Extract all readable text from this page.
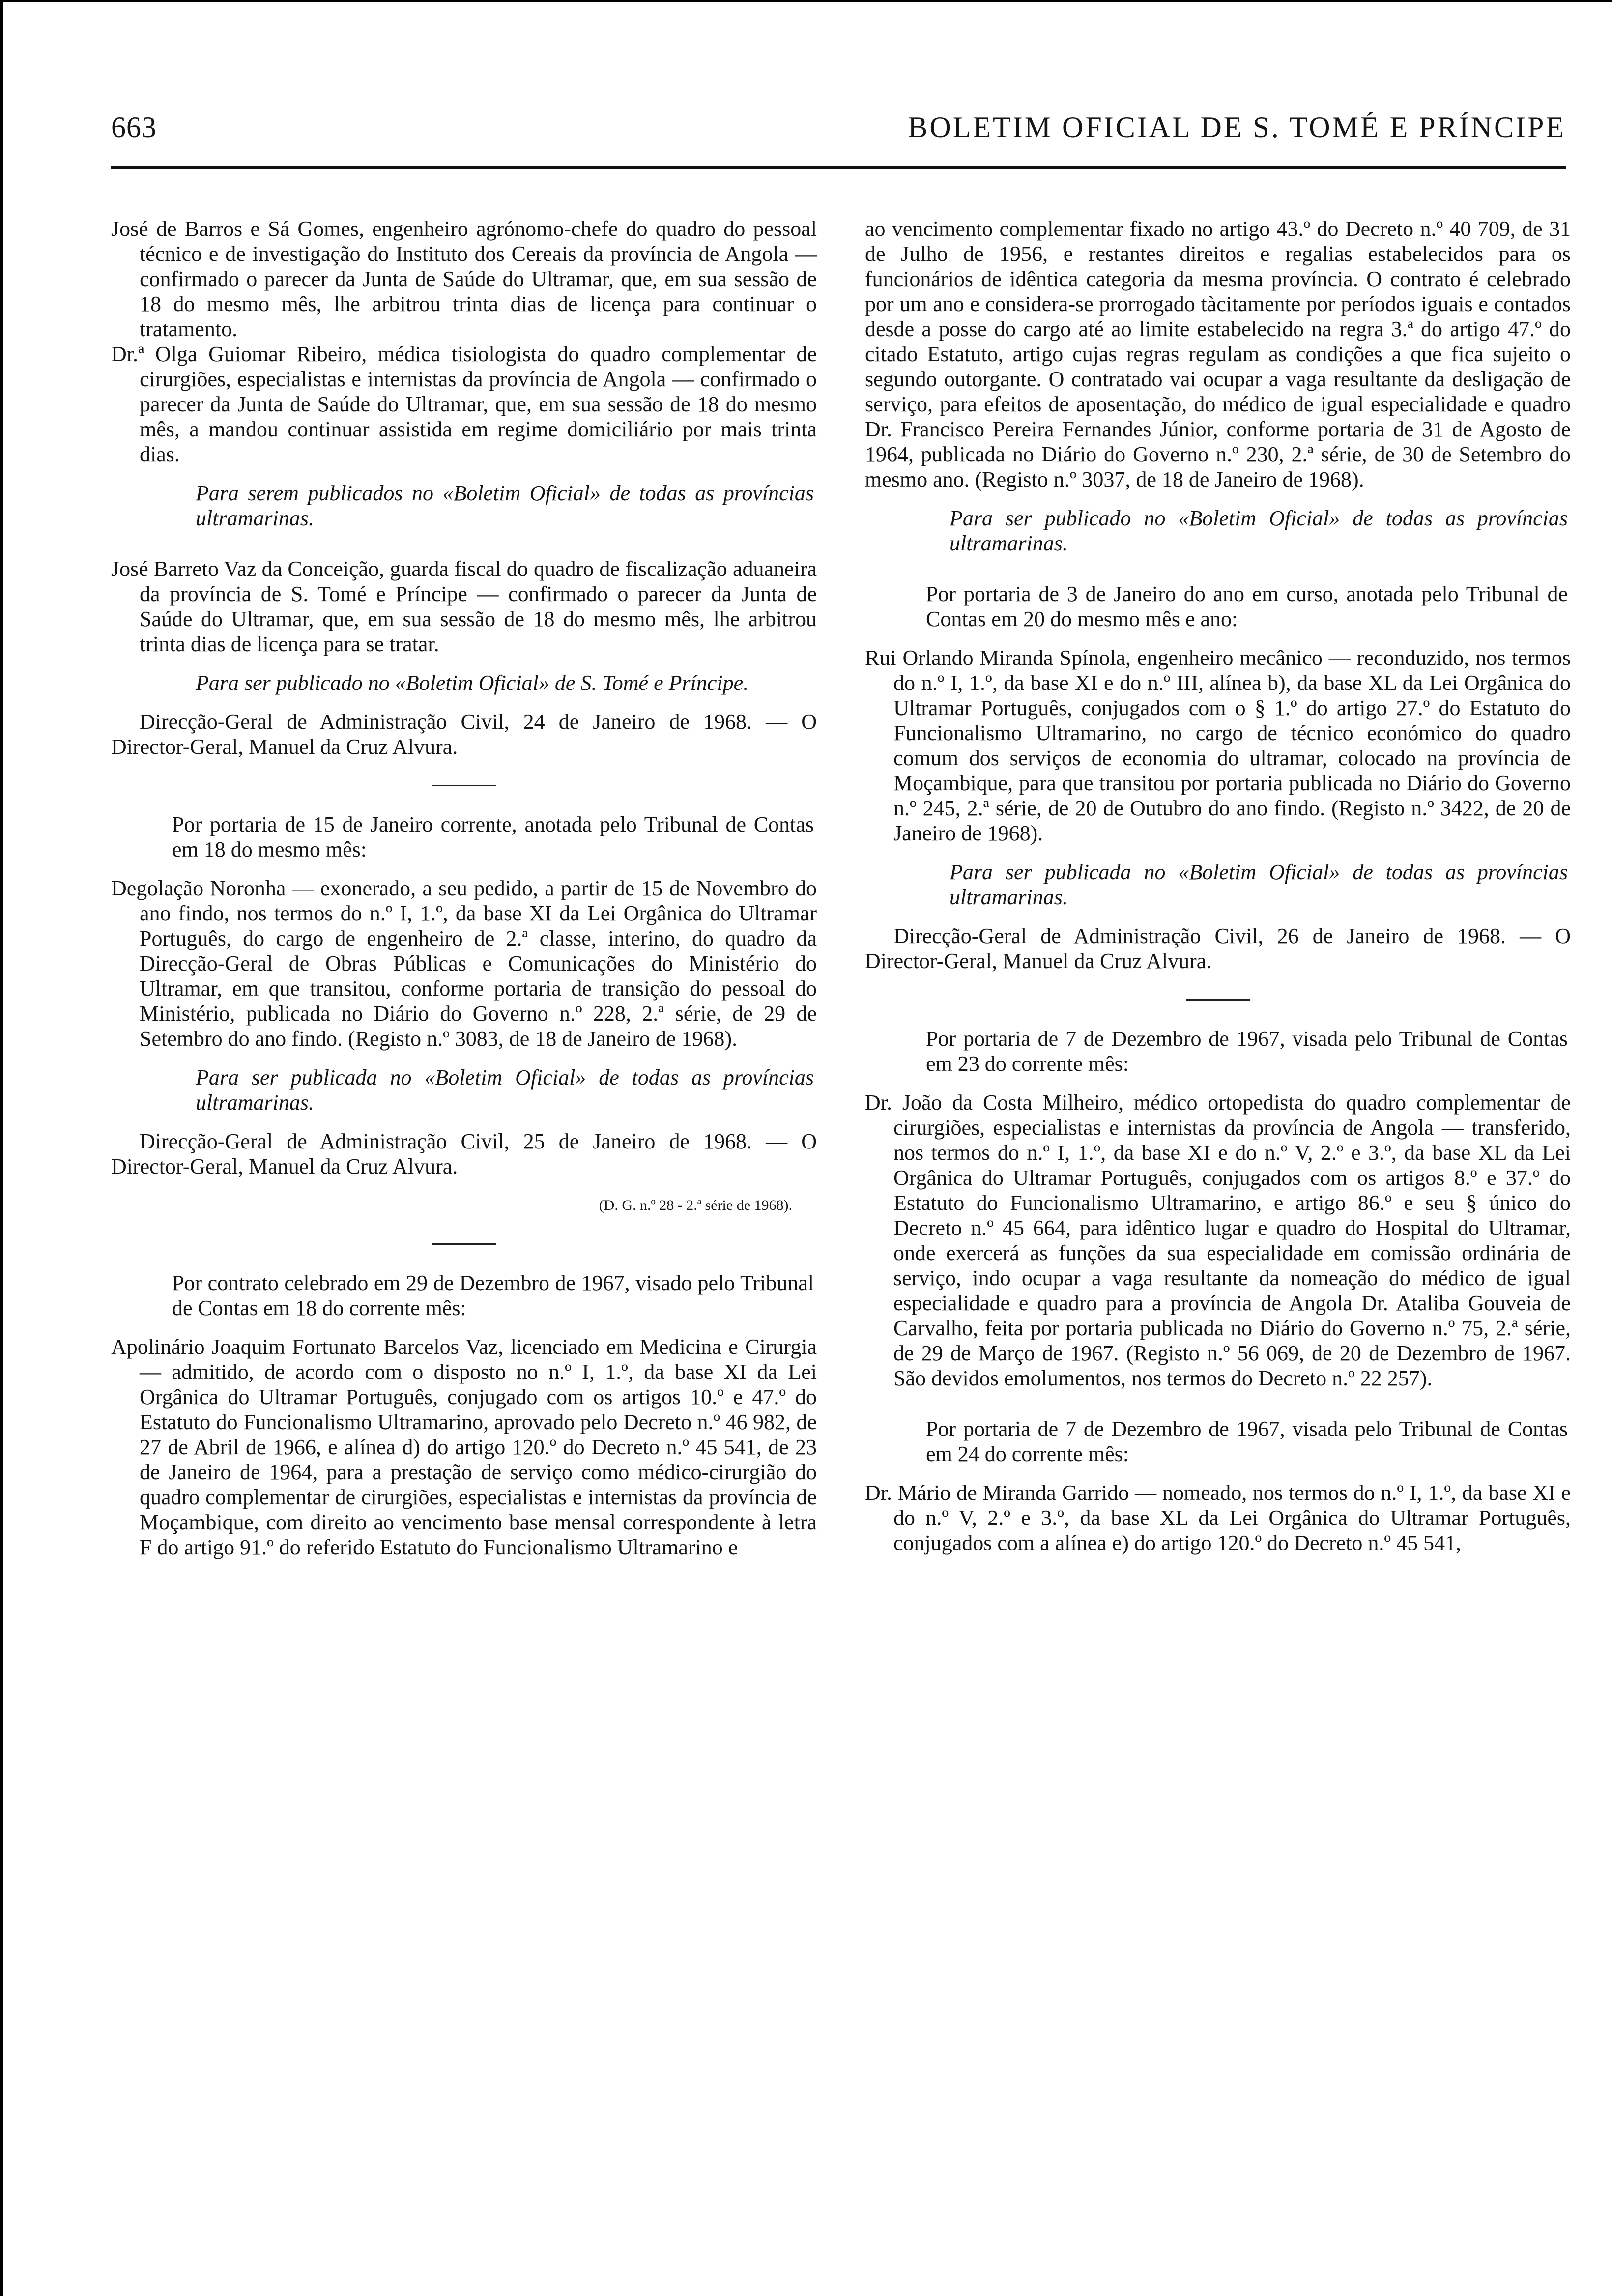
663	BOLETIM OFICIAL DE S. TOMÉ E PRÍNCIPE

José de Barros e Sá Gomes, engenheiro agrónomo-chefe do quadro do pessoal técnico e de investigação do Instituto dos Cereais da província de Angola — confirmado o parecer da Junta de Saúde do Ultramar, que, em sua sessão de 18 do mesmo mês, lhe arbitrou trinta dias de licença para continuar o tratamento.

Dr.ª Olga Guiomar Ribeiro, médica tisiologista do quadro complementar de cirurgiões, especialistas e internistas da província de Angola — confirmado o parecer da Junta de Saúde do Ultramar, que, em sua sessão de 18 do mesmo mês, a mandou continuar assistida em regime domiciliário por mais trinta dias.

Para serem publicados no «Boletim Oficial» de todas as províncias ultramarinas.

José Barreto Vaz da Conceição, guarda fiscal do quadro de fiscalização aduaneira da província de S. Tomé e Príncipe — confirmado o parecer da Junta de Saúde do Ultramar, que, em sua sessão de 18 do mesmo mês, lhe arbitrou trinta dias de licença para se tratar.

Para ser publicado no «Boletim Oficial» de S. Tomé e Príncipe.

Direcção-Geral de Administração Civil, 24 de Janeiro de 1968. — O Director-Geral, Manuel da Cruz Alvura.

Por portaria de 15 de Janeiro corrente, anotada pelo Tribunal de Contas em 18 do mesmo mês:

Degolação Noronha — exonerado, a seu pedido, a partir de 15 de Novembro do ano findo, nos termos do n.º I, 1.º, da base XI da Lei Orgânica do Ultramar Português, do cargo de engenheiro de 2.ª classe, interino, do quadro da Direcção-Geral de Obras Públicas e Comunicações do Ministério do Ultramar, em que transitou, conforme portaria de transição do pessoal do Ministério, publicada no Diário do Governo n.º 228, 2.ª série, de 29 de Setembro do ano findo. (Registo n.º 3083, de 18 de Janeiro de 1968).

Para ser publicada no «Boletim Oficial» de todas as províncias ultramarinas.

Direcção-Geral de Administração Civil, 25 de Janeiro de 1968. — O Director-Geral, Manuel da Cruz Alvura.

(D. G. n.º 28 - 2.ª série de 1968).

Por contrato celebrado em 29 de Dezembro de 1967, visado pelo Tribunal de Contas em 18 do corrente mês:

Apolinário Joaquim Fortunato Barcelos Vaz, licenciado em Medicina e Cirurgia — admitido, de acordo com o disposto no n.º I, 1.º, da base XI da Lei Orgânica do Ultramar Português, conjugado com os artigos 10.º e 47.º do Estatuto do Funcionalismo Ultramarino, aprovado pelo Decreto n.º 46 982, de 27 de Abril de 1966, e alínea d) do artigo 120.º do Decreto n.º 45 541, de 23 de Janeiro de 1964, para a prestação de serviço como médico-cirurgião do quadro complementar de cirurgiões, especialistas e internistas da província de Moçambique, com direito ao vencimento base mensal correspondente à letra F do artigo 91.º do referido Estatuto do Funcionalismo Ultramarino e

ao vencimento complementar fixado no artigo 43.º do Decreto n.º 40 709, de 31 de Julho de 1956, e restantes direitos e regalias estabelecidos para os funcionários de idêntica categoria da mesma província. O contrato é celebrado por um ano e considera-se prorrogado tàcitamente por períodos iguais e contados desde a posse do cargo até ao limite estabelecido na regra 3.ª do artigo 47.º do citado Estatuto, artigo cujas regras regulam as condições a que fica sujeito o segundo outorgante. O contratado vai ocupar a vaga resultante da desligação de serviço, para efeitos de aposentação, do médico de igual especialidade e quadro Dr. Francisco Pereira Fernandes Júnior, conforme portaria de 31 de Agosto de 1964, publicada no Diário do Governo n.º 230, 2.ª série, de 30 de Setembro do mesmo ano. (Registo n.º 3037, de 18 de Janeiro de 1968).

Para ser publicado no «Boletim Oficial» de todas as províncias ultramarinas.

Por portaria de 3 de Janeiro do ano em curso, anotada pelo Tribunal de Contas em 20 do mesmo mês e ano:

Rui Orlando Miranda Spínola, engenheiro mecânico — reconduzido, nos termos do n.º I, 1.º, da base XI e do n.º III, alínea b), da base XL da Lei Orgânica do Ultramar Português, conjugados com o § 1.º do artigo 27.º do Estatuto do Funcionalismo Ultramarino, no cargo de técnico económico do quadro comum dos serviços de economia do ultramar, colocado na província de Moçambique, para que transitou por portaria publicada no Diário do Governo n.º 245, 2.ª série, de 20 de Outubro do ano findo. (Registo n.º 3422, de 20 de Janeiro de 1968).

Para ser publicada no «Boletim Oficial» de todas as províncias ultramarinas.

Direcção-Geral de Administração Civil, 26 de Janeiro de 1968. — O Director-Geral, Manuel da Cruz Alvura.

Por portaria de 7 de Dezembro de 1967, visada pelo Tribunal de Contas em 23 do corrente mês:

Dr. João da Costa Milheiro, médico ortopedista do quadro complementar de cirurgiões, especialistas e internistas da província de Angola — transferido, nos termos do n.º I, 1.º, da base XI e do n.º V, 2.º e 3.º, da base XL da Lei Orgânica do Ultramar Português, conjugados com os artigos 8.º e 37.º do Estatuto do Funcionalismo Ultramarino, e artigo 86.º e seu § único do Decreto n.º 45 664, para idêntico lugar e quadro do Hospital do Ultramar, onde exercerá as funções da sua especialidade em comissão ordinária de serviço, indo ocupar a vaga resultante da nomeação do médico de igual especialidade e quadro para a província de Angola Dr. Ataliba Gouveia de Carvalho, feita por portaria publicada no Diário do Governo n.º 75, 2.ª série, de 29 de Março de 1967. (Registo n.º 56 069, de 20 de Dezembro de 1967. São devidos emolumentos, nos termos do Decreto n.º 22 257).

Por portaria de 7 de Dezembro de 1967, visada pelo Tribunal de Contas em 24 do corrente mês:

Dr. Mário de Miranda Garrido — nomeado, nos termos do n.º I, 1.º, da base XI e do n.º V, 2.º e 3.º, da base XL da Lei Orgânica do Ultramar Português, conjugados com a alínea e) do artigo 120.º do Decreto n.º 45 541,
